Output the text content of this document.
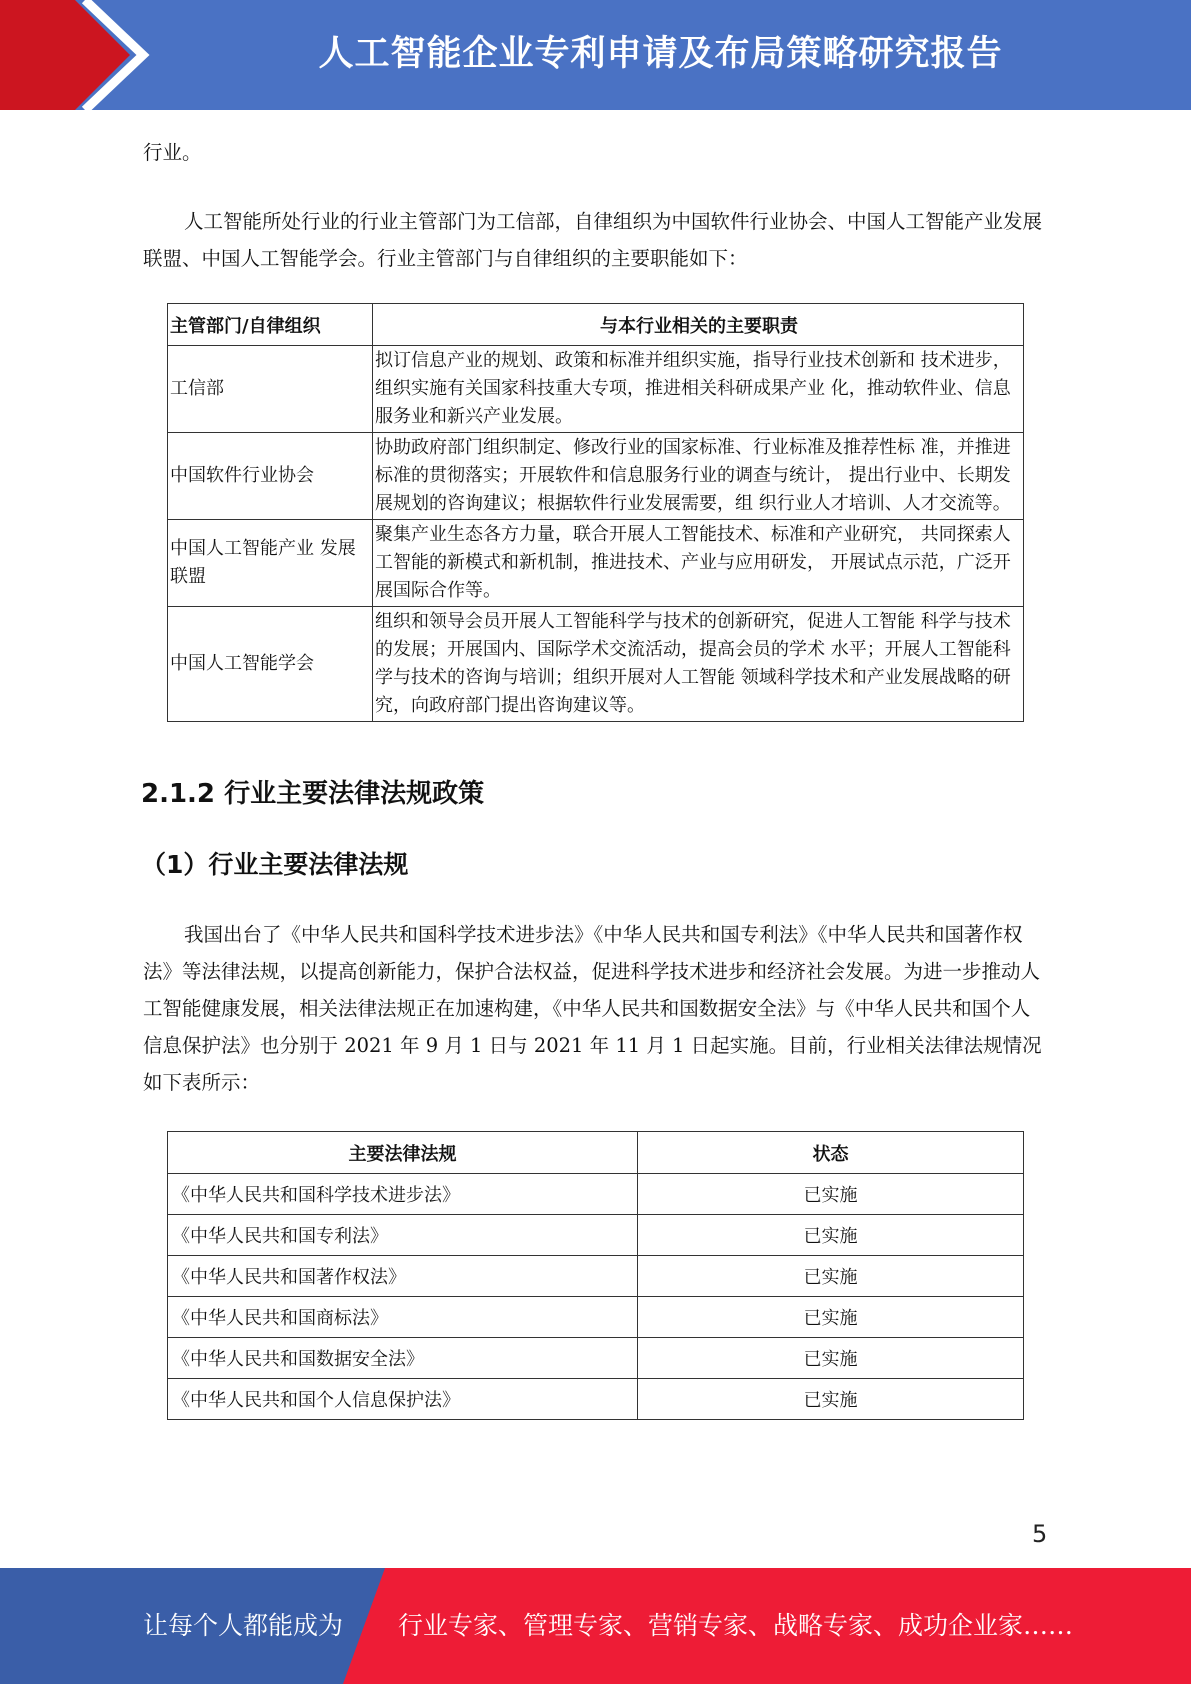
人工智能企业专利申请及布局策略研究报告

行业。

人工智能所处行业的行业主管部门为工信部，自律组织为中国软件行业协会、中国人工智能产业发展联盟、中国人工智能学会。行业主管部门与自律组织的主要职能如下：

主管部门/自律组织	与本行业相关的主要职责
工信部	拟订信息产业的规划、政策和标准并组织实施，指导行业技术创新和 技术进步，组织实施有关国家科技重大专项，推进相关科研成果产业 化，推动软件业、信息服务业和新兴产业发展。
中国软件行业协会	协助政府部门组织制定、修改行业的国家标准、行业标准及推荐性标 准，并推进标准的贯彻落实；开展软件和信息服务行业的调查与统计， 提出行业中、长期发展规划的咨询建议；根据软件行业发展需要，组 织行业人才培训、人才交流等。
中国人工智能产业 发展联盟	聚集产业生态各方力量，联合开展人工智能技术、标准和产业研究， 共同探索人工智能的新模式和新机制，推进技术、产业与应用研发， 开展试点示范，广泛开展国际合作等。
中国人工智能学会	组织和领导会员开展人工智能科学与技术的创新研究，促进人工智能 科学与技术的发展；开展国内、国际学术交流活动，提高会员的学术 水平；开展人工智能科学与技术的咨询与培训；组织开展对人工智能 领域科学技术和产业发展战略的研究，向政府部门提出咨询建议等。
2.1.2 行业主要法律法规政策
（1）行业主要法律法规

我国出台了《中华人民共和国科学技术进步法》《中华人民共和国专利法》《中华人民共和国著作权法》等法律法规，以提高创新能力，保护合法权益，促进科学技术进步和经济社会发展。为进一步推动人工智能健康发展，相关法律法规正在加速构建，《中华人民共和国数据安全法》与《中华人民共和国个人信息保护法》也分别于 2021 年 9 月 1 日与 2021 年 11 月 1 日起实施。目前，行业相关法律法规情况如下表所示：

主要法律法规	状态
《中华人民共和国科学技术进步法》	已实施
《中华人民共和国专利法》	已实施
《中华人民共和国著作权法》	已实施
《中华人民共和国商标法》	已实施
《中华人民共和国数据安全法》	已实施
《中华人民共和国个人信息保护法》	已实施
5
让每个人都能成为 行业专家、管理专家、营销专家、战略专家、成功企业家……
